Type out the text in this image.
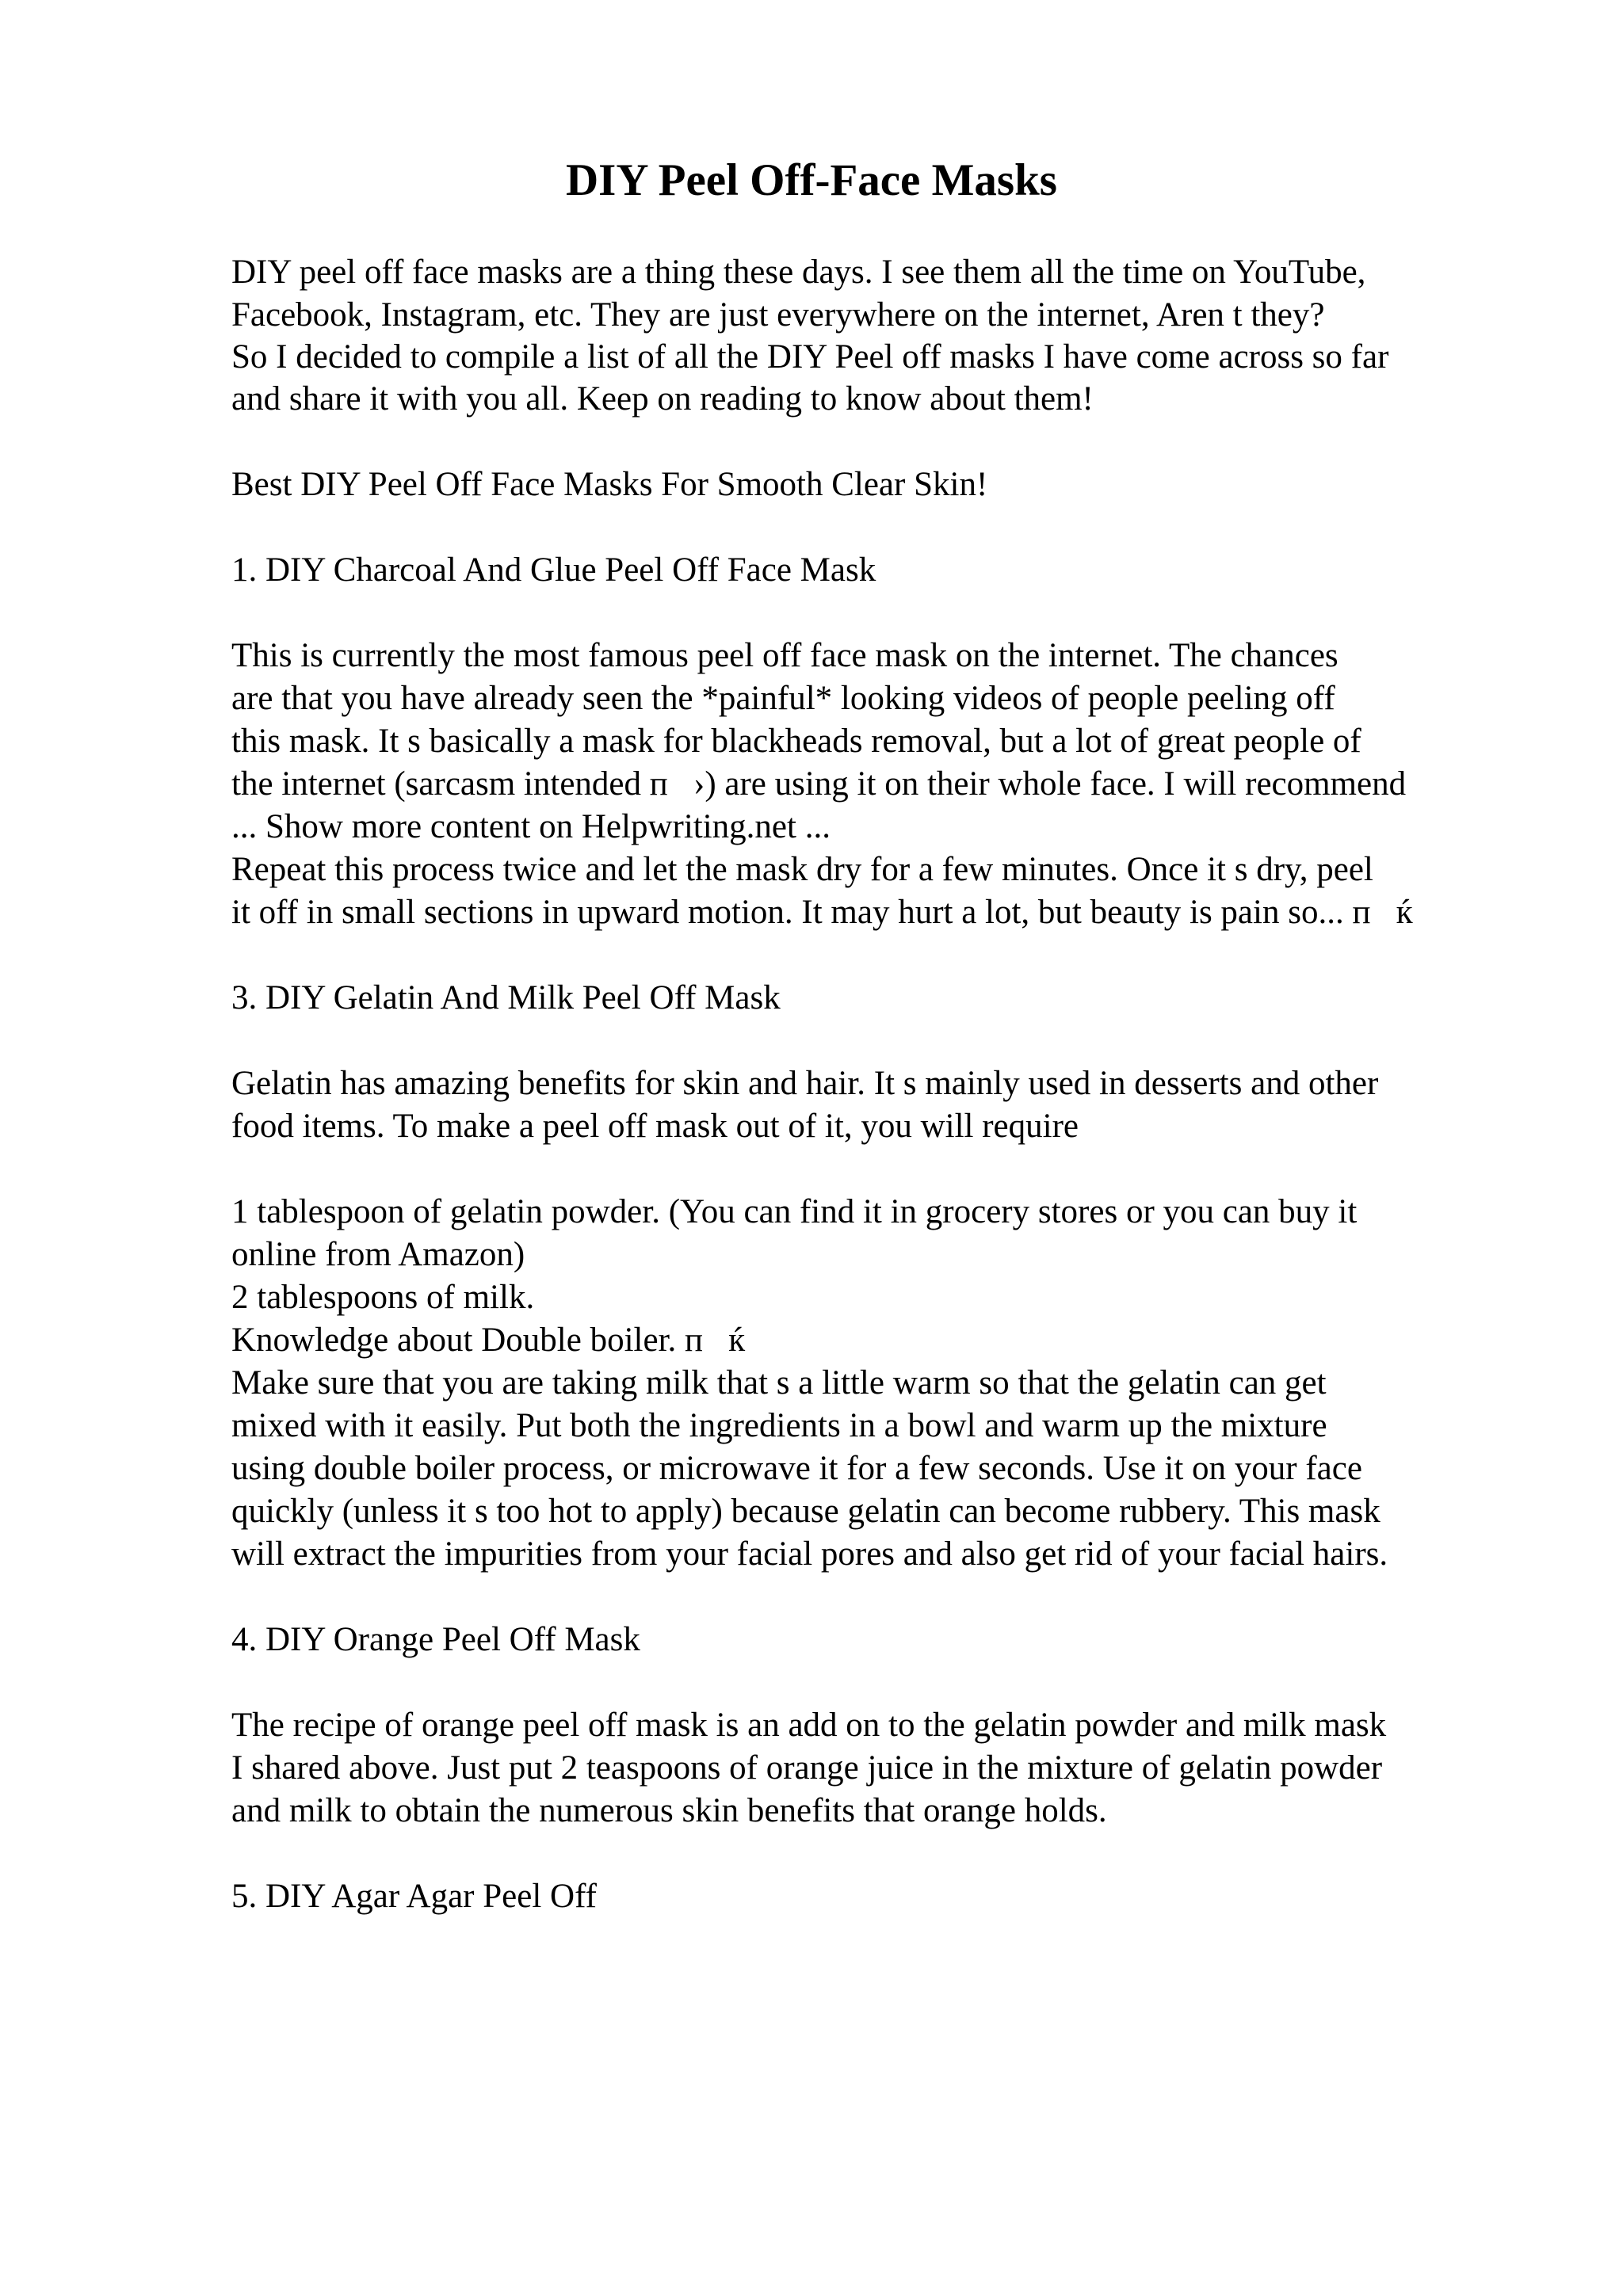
DIY Peel Off-Face Masks
DIY peel off face masks are a thing these days. I see them all the time on YouTube,
Facebook, Instagram, etc. They are just everywhere on the internet, Aren t they?
So I decided to compile a list of all the DIY Peel off masks I have come across so far
and share it with you all. Keep on reading to know about them!
Best DIY Peel Off Face Masks For Smooth Clear Skin!
1. DIY Charcoal And Glue Peel Off Face Mask
This is currently the most famous peel off face mask on the internet. The chances
are that you have already seen the *painful* looking videos of people peeling off
this mask. It s basically a mask for blackheads removal, but a lot of great people of
the internet (sarcasm intended п   ›) are using it on their whole face. I will recommend
... Show more content on Helpwriting.net ...
Repeat this process twice and let the mask dry for a few minutes. Once it s dry, peel
it off in small sections in upward motion. It may hurt a lot, but beauty is pain so... п   ќ
3. DIY Gelatin And Milk Peel Off Mask
Gelatin has amazing benefits for skin and hair. It s mainly used in desserts and other
food items. To make a peel off mask out of it, you will require
1 tablespoon of gelatin powder. (You can find it in grocery stores or you can buy it
online from Amazon)
2 tablespoons of milk.
Knowledge about Double boiler. п   ќ
Make sure that you are taking milk that s a little warm so that the gelatin can get
mixed with it easily. Put both the ingredients in a bowl and warm up the mixture
using double boiler process, or microwave it for a few seconds. Use it on your face
quickly (unless it s too hot to apply) because gelatin can become rubbery. This mask
will extract the impurities from your facial pores and also get rid of your facial hairs.
4. DIY Orange Peel Off Mask
The recipe of orange peel off mask is an add on to the gelatin powder and milk mask
I shared above. Just put 2 teaspoons of orange juice in the mixture of gelatin powder
and milk to obtain the numerous skin benefits that orange holds.
5. DIY Agar Agar Peel Off
